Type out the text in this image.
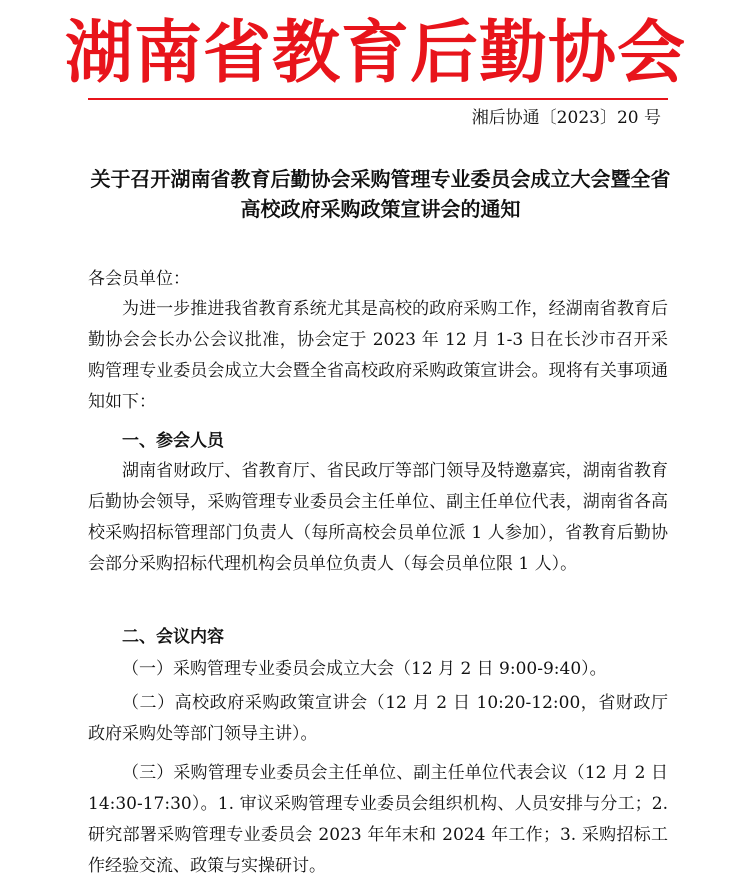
湖南省教育后勤协会
湘后协通〔2023〕20 号
关于召开湖南省教育后勤协会采购管理专业委员会成立大会暨全省高校政府采购政策宣讲会的通知

各会员单位：

为进一步推进我省教育系统尤其是高校的政府采购工作，经湖南省教育后勤协会会长办公会议批准，协会定于 2023 年 12 月 1-3 日在长沙市召开采购管理专业委员会成立大会暨全省高校政府采购政策宣讲会。现将有关事项通知如下：

一、参会人员

湖南省财政厅、省教育厅、省民政厅等部门领导及特邀嘉宾，湖南省教育后勤协会领导，采购管理专业委员会主任单位、副主任单位代表，湖南省各高校采购招标管理部门负责人（每所高校会员单位派 1 人参加），省教育后勤协会部分采购招标代理机构会员单位负责人（每会员单位限 1 人）。

二、会议内容

（一）采购管理专业委员会成立大会（12 月 2 日 9:00-9:40）。

（二）高校政府采购政策宣讲会（12 月 2 日 10:20-12:00，省财政厅政府采购处等部门领导主讲）。

（三）采购管理专业委员会主任单位、副主任单位代表会议（12 月 2 日 14:30-17:30）。1. 审议采购管理专业委员会组织机构、人员安排与分工；2. 研究部署采购管理专业委员会 2023 年年末和 2024 年工作；3. 采购招标工作经验交流、政策与实操研讨。
